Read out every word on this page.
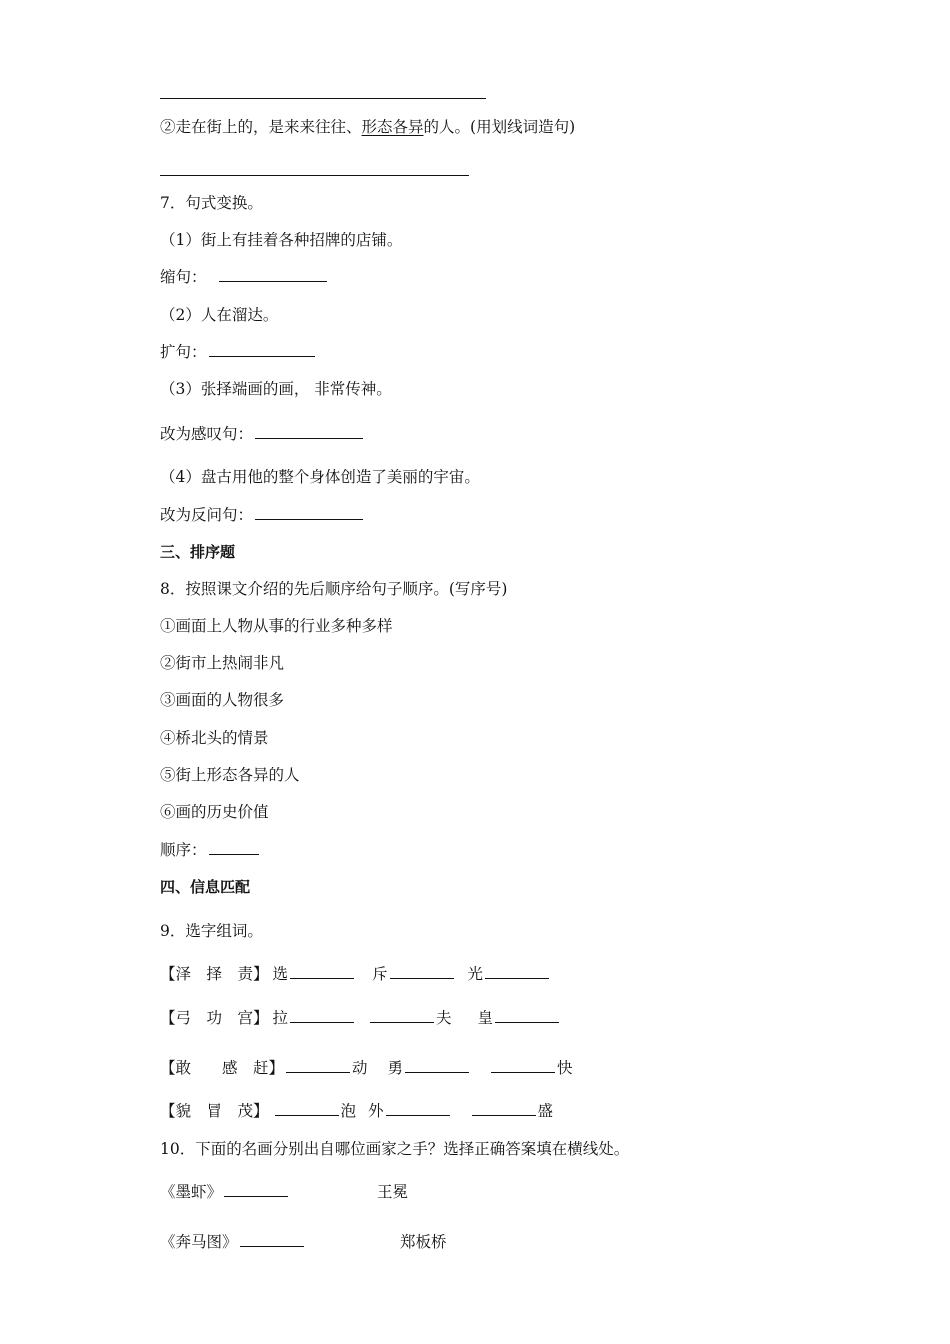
②走在街上的，是来来往往、形态各异的人。(用划线词造句)
7．句式变换。
（1）街上有挂着各种招牌的店铺。
缩句：
（2）人在溜达。
扩句：
（3）张择端画的画， 非常传神。
改为感叹句：
（4）盘古用他的整个身体创造了美丽的宇宙。
改为反问句：
三、排序题
8．按照课文介绍的先后顺序给句子顺序。(写序号)
①画面上人物从事的行业多种多样
②街市上热闹非凡
③画面的人物很多
④桥北头的情景
⑤街上形态各异的人
⑥画的历史价值
顺序：
四、信息匹配
9．选字组词。
【泽　择　责】 选	斥	光
【弓　功　宫】 拉	夫 皇
【敢　　感　赶】	动 勇	快
【貌　冒　茂】	泡 外	盛
10．下面的名画分别出自哪位画家之手？选择正确答案填在横线处。
《墨虾》	王冕
《奔马图》	郑板桥
